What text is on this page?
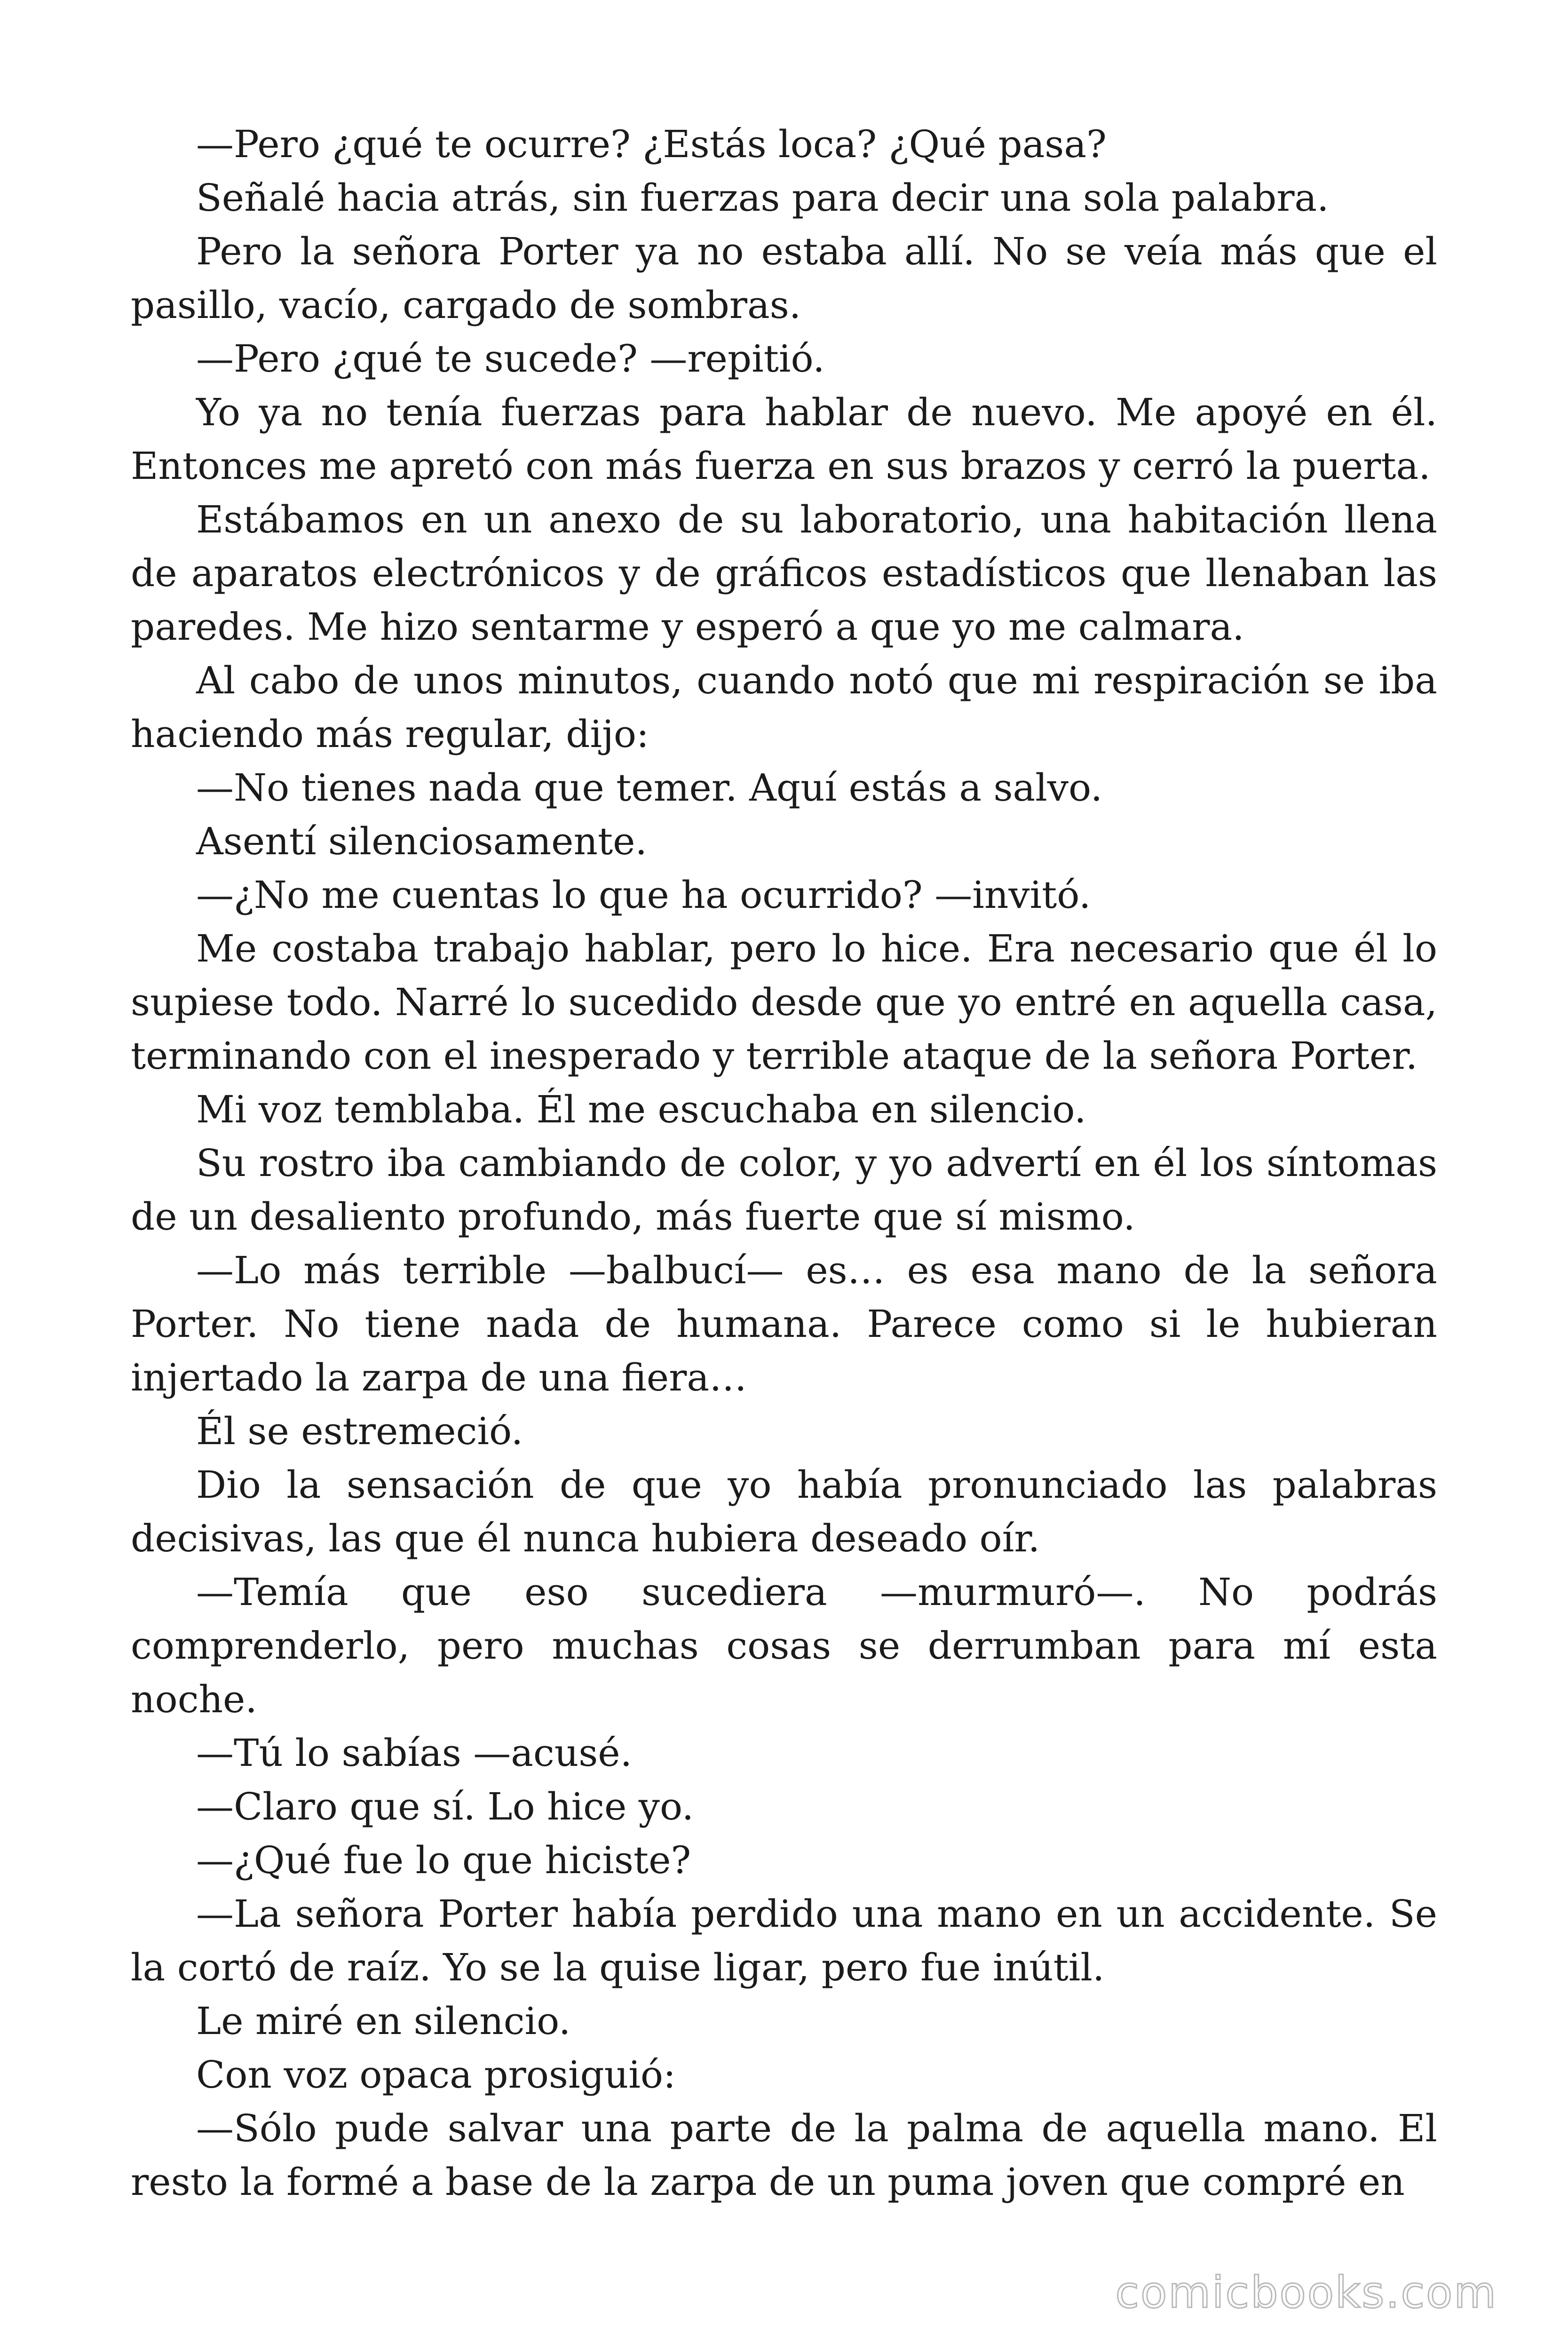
—Pero ¿qué te ocurre? ¿Estás loca? ¿Qué pasa?

Señalé hacia atrás, sin fuerzas para decir una sola palabra.

Pero la señora Porter ya no estaba allí. No se veía más que el pasillo, vacío, cargado de sombras.

—Pero ¿qué te sucede? —repitió.

Yo ya no tenía fuerzas para hablar de nuevo. Me apoyé en él. Entonces me apretó con más fuerza en sus brazos y cerró la puerta.

Estábamos en un anexo de su laboratorio, una habitación llena de aparatos electrónicos y de gráficos estadísticos que llenaban las paredes. Me hizo sentarme y esperó a que yo me calmara.

Al cabo de unos minutos, cuando notó que mi respiración se iba haciendo más regular, dijo:

—No tienes nada que temer. Aquí estás a salvo.

Asentí silenciosamente.

—¿No me cuentas lo que ha ocurrido? —invitó.

Me costaba trabajo hablar, pero lo hice. Era necesario que él lo supiese todo. Narré lo sucedido desde que yo entré en aquella casa, terminando con el inesperado y terrible ataque de la señora Porter.

Mi voz temblaba. Él me escuchaba en silencio.

Su rostro iba cambiando de color, y yo advertí en él los síntomas de un desaliento profundo, más fuerte que sí mismo.

—Lo más terrible —balbucí— es… es esa mano de la señora Porter. No tiene nada de humana. Parece como si le hubieran injertado la zarpa de una fiera…

Él se estremeció.

Dio la sensación de que yo había pronunciado las palabras decisivas, las que él nunca hubiera deseado oír.

—Temía que eso sucediera —murmuró—. No podrás comprenderlo, pero muchas cosas se derrumban para mí esta noche.

—Tú lo sabías —acusé.

—Claro que sí. Lo hice yo.

—¿Qué fue lo que hiciste?

—La señora Porter había perdido una mano en un accidente. Se la cortó de raíz. Yo se la quise ligar, pero fue inútil.

Le miré en silencio.

Con voz opaca prosiguió:

—Sólo pude salvar una parte de la palma de aquella mano. El resto la formé a base de la zarpa de un puma joven que compré en

comicbooks.com
